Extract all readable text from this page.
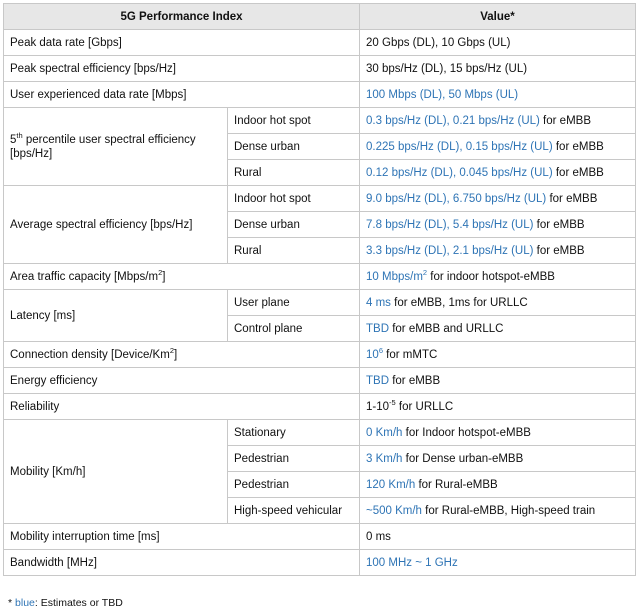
5G Performance Index		Value*
Peak data rate [Gbps]		20 Gbps (DL), 10 Gbps (UL)
Peak spectral efficiency [bps/Hz]		30 bps/Hz (DL), 15 bps/Hz (UL)
User experienced data rate [Mbps]		100 Mbps (DL), 50 Mbps (UL)
5th percentile user spectral efficiency [bps/Hz]	Indoor hot spot	0.3 bps/Hz (DL), 0.21 bps/Hz (UL) for eMBB
	Dense urban	0.225 bps/Hz (DL), 0.15 bps/Hz (UL) for eMBB
	Rural	0.12 bps/Hz (DL), 0.045 bps/Hz (UL) for eMBB
Average spectral efficiency [bps/Hz]	Indoor hot spot	9.0 bps/Hz (DL), 6.750 bps/Hz (UL) for eMBB
	Dense urban	7.8 bps/Hz (DL), 5.4 bps/Hz (UL) for eMBB
	Rural	3.3 bps/Hz (DL), 2.1 bps/Hz (UL) for eMBB
Area traffic capacity $[Mbps/m^2]$		10 Mbps/$m^2$ for indoor hotspot-eMBB
Latency [ms]	User plane	4 ms for eMBB, 1ms for URLLC
	Control plane	TBD for eMBB and URLLC
Connection density [Device/Km$^2$]		$10^6$ for mMTC
Energy efficiency		TBD for eMBB
Reliability		$1-10^{-5}$ for URLLC
Mobility [Km/h]	Stationary	0 Km/h for Indoor hotspot-eMBB
	Pedestrian	3 Km/h for Dense urban-eMBB
	Pedestrian	120 Km/h for Rural-eMBB
	High-speed vehicular	~500 Km/h for Rural-eMBB, High-speed train
Mobility interruption time [ms]		0 ms
Bandwidth [MHz]		100 MHz ~ 1 GHz
* blue: Estimates or TBD
